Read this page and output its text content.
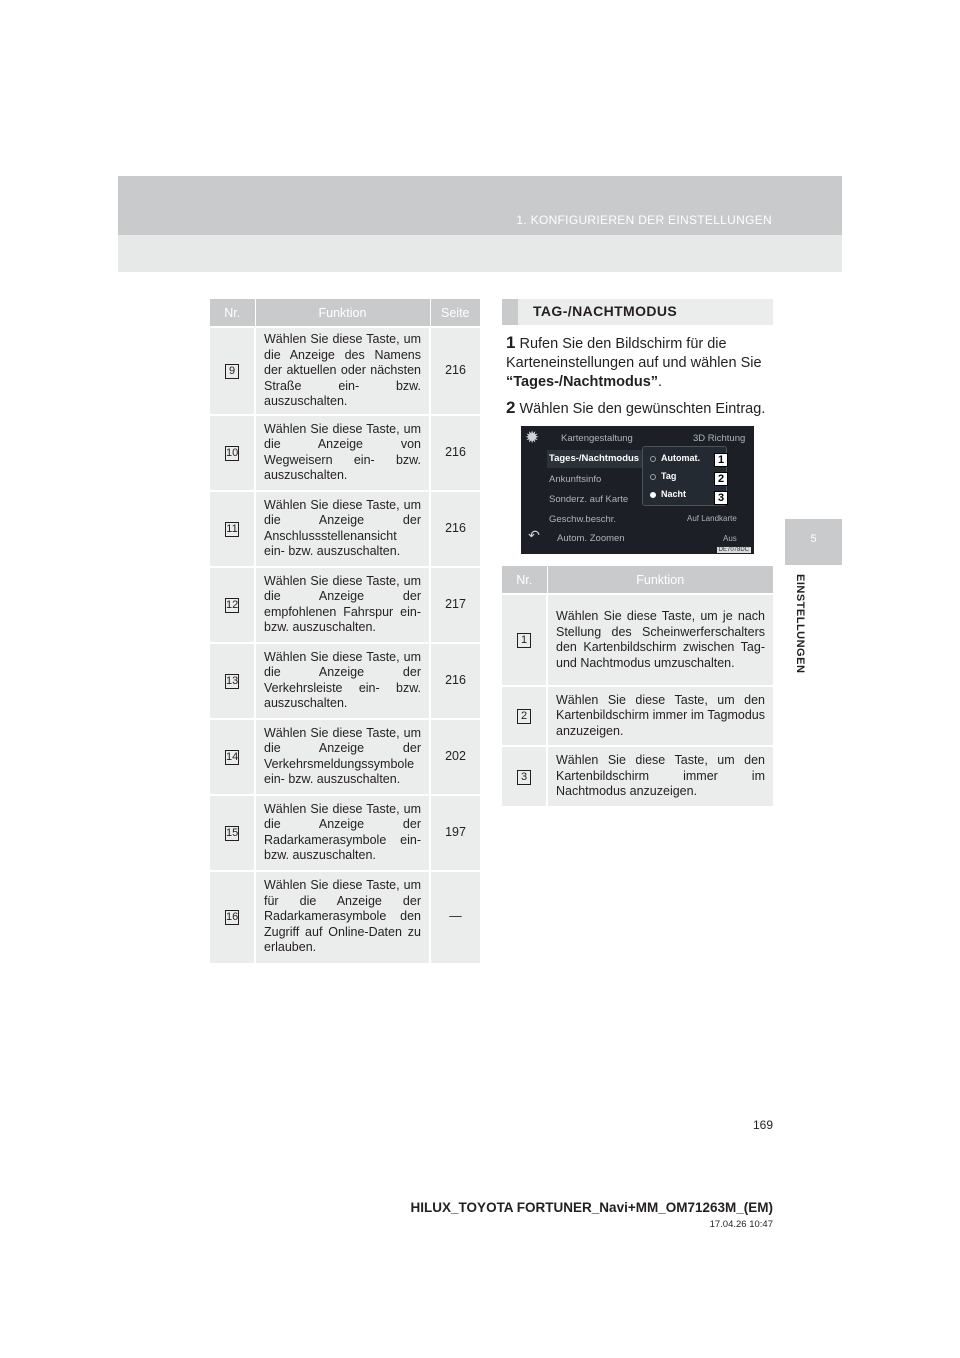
1. KONFIGURIEREN DER EINSTELLUNGEN
5
EINSTELLUNGEN
Nr.	Funktion	Seite
9	Wählen Sie diese Taste, um die Anzeige des Namens der aktuellen oder nächsten Straße ein- bzw. auszuschalten.	216
10	Wählen Sie diese Taste, um die Anzeige von Wegweisern ein- bzw. auszuschalten.	216
11	Wählen Sie diese Taste, um die Anzeige der Anschlussstellenansicht ein- bzw. auszuschalten.	216
12	Wählen Sie diese Taste, um die Anzeige der empfohlenen Fahrspur ein- bzw. auszuschalten.	217
13	Wählen Sie diese Taste, um die Anzeige der Verkehrsleiste ein- bzw. auszuschalten.	216
14	Wählen Sie diese Taste, um die Anzeige der Verkehrsmeldungssymbole ein- bzw. auszuschalten.	202
15	Wählen Sie diese Taste, um die Anzeige der Radarkamerasymbole ein- bzw. auszuschalten.	197
16	Wählen Sie diese Taste, um für die Anzeige der Radarkamerasymbole den Zugriff auf Online-Daten zu erlauben.	—
TAG-/NACHTMODUS
1 Rufen Sie den Bildschirm für die Karteneinstellungen auf und wählen Sie “Tages-/Nachtmodus”.
2 Wählen Sie den gewünschten Eintrag.
✹	Kartengestaltung	3D Richtung
Tages-/Nachtmodus
Ankunftsinfo
Sonderz. auf Karte
Geschw.beschr.	Auf Landkarte
Autom. Zoomen	Aus
↶
Automat.
Tag
Nacht
1
2
3
DE7078DC
Nr.	Funktion
1	Wählen Sie diese Taste, um je nach Stellung des Scheinwerferschalters den Kartenbildschirm zwischen Tag- und Nachtmodus umzuschalten.
2	Wählen Sie diese Taste, um den Kartenbildschirm immer im Tagmodus anzuzeigen.
3	Wählen Sie diese Taste, um den Kartenbildschirm immer im Nachtmodus anzuzeigen.
169
HILUX_TOYOTA FORTUNER_Navi+MM_OM71263M_(EM)
17.04.26 10:47
